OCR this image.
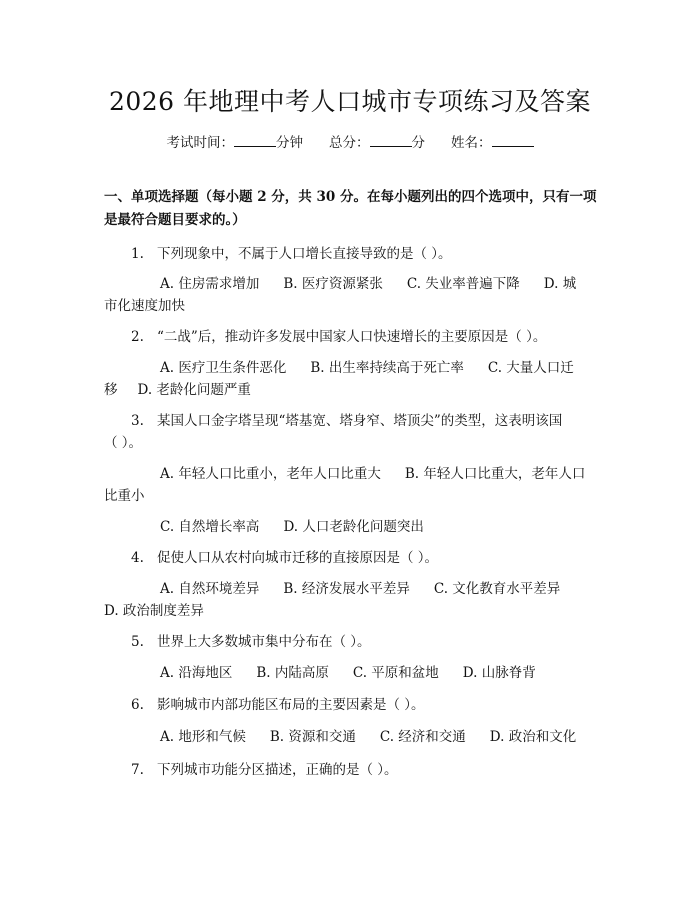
2026 年地理中考人口城市专项练习及答案
考试时间：	分钟 总分：	分 姓名：
一、单项选择题（每小题 2 分，共 30 分。在每小题列出的四个选项中，只有一项是最符合题目要求的。）
1. 下列现象中，不属于人口增长直接导致的是（ ）。
A. 住房需求增加 B. 医疗资源紧张 C. 失业率普遍下降 D. 城
市化速度加快
2. “二战”后，推动许多发展中国家人口快速增长的主要原因是（ ）。
A. 医疗卫生条件恶化 B. 出生率持续高于死亡率 C. 大量人口迁
移 D. 老龄化问题严重
3. 某国人口金字塔呈现“塔基宽、塔身窄、塔顶尖”的类型，这表明该国
（ ）。
A. 年轻人口比重小，老年人口比重大 B. 年轻人口比重大，老年人口
比重小
C. 自然增长率高 D. 人口老龄化问题突出
4. 促使人口从农村向城市迁移的直接原因是（ ）。
A. 自然环境差异 B. 经济发展水平差异 C. 文化教育水平差异
D. 政治制度差异
5. 世界上大多数城市集中分布在（ ）。
A. 沿海地区 B. 内陆高原 C. 平原和盆地 D. 山脉脊背
6. 影响城市内部功能区布局的主要因素是（ ）。
A. 地形和气候 B. 资源和交通 C. 经济和交通 D. 政治和文化
7. 下列城市功能分区描述，正确的是（ ）。
